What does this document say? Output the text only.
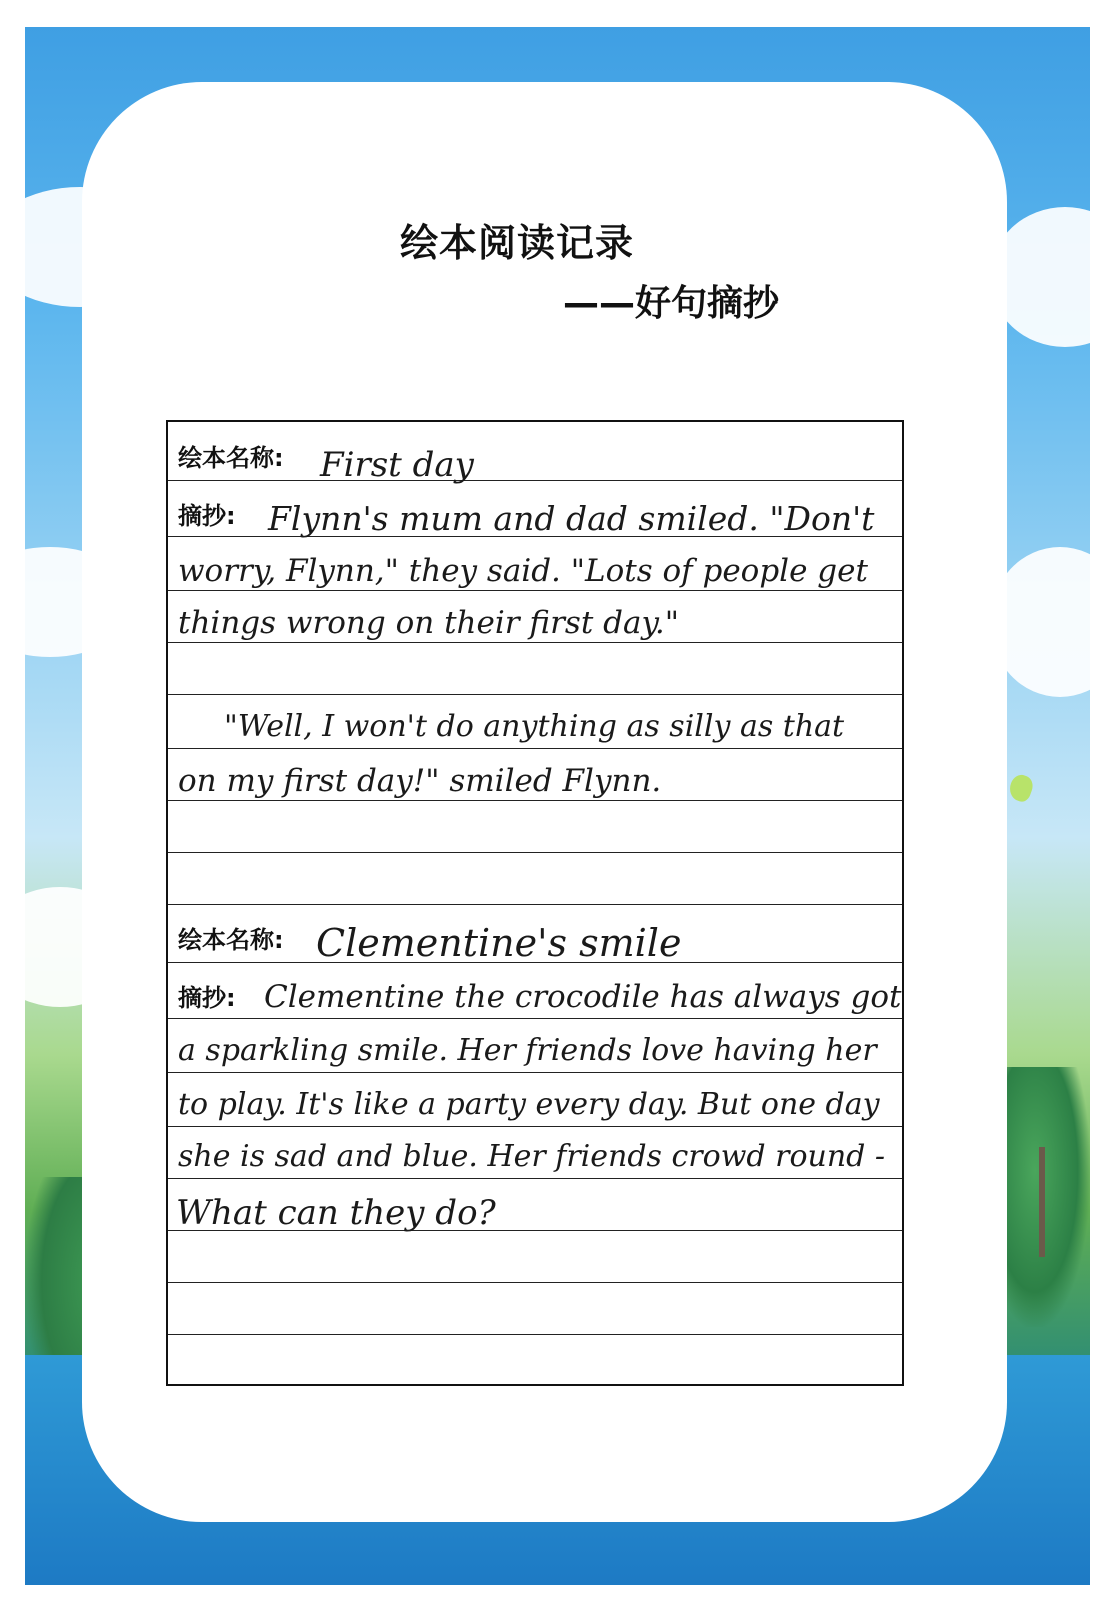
绘本阅读记录
——好句摘抄
绘本名称: First day
摘抄: Flynn's mum and dad smiled. "Don't
worry, Flynn," they said. "Lots of people get
things wrong on their first day."
"Well, I won't do anything as silly as that
on my first day!" smiled Flynn.
绘本名称: Clementine's smile
摘抄: Clementine the crocodile has always got
a sparkling smile. Her friends love having her
to play. It's like a party every day. But one day
she is sad and blue. Her friends crowd round -
What can they do?
